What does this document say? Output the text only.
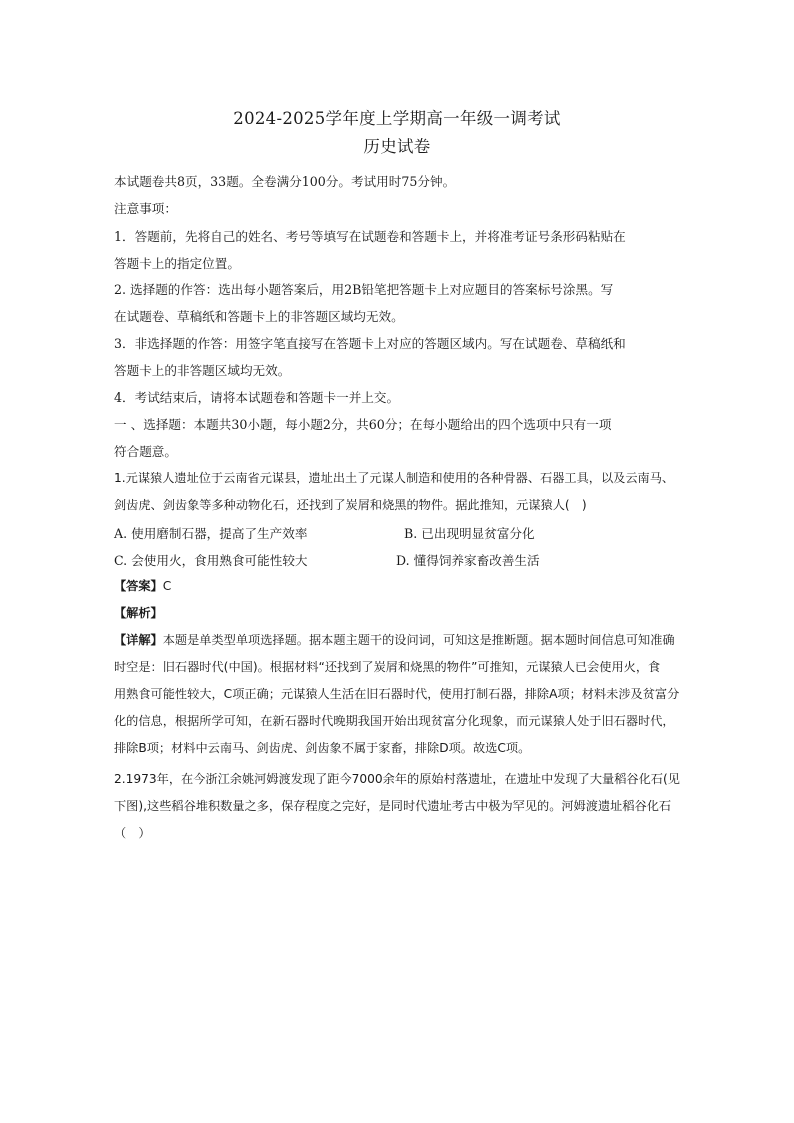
2024-2025学年度上学期高一年级一调考试
历史试卷
本试题卷共8页，33题。全卷满分100分。考试用时75分钟。
注意事项：
1．答题前，先将自己的姓名、考号等填写在试题卷和答题卡上，并将准考证号条形码粘贴在
答题卡上的指定位置。
2. 选择题的作答：选出每小题答案后，用2B铅笔把答题卡上对应题目的答案标号涂黑。写
在试题卷、草稿纸和答题卡上的非答题区域均无效。
3．非选择题的作答：用签字笔直接写在答题卡上对应的答题区域内。写在试题卷、草稿纸和
答题卡上的非答题区域均无效。
4．考试结束后，请将本试题卷和答题卡一并上交。
一 、选择题：本题共30小题，每小题2分，共60分；在每小题给出的四个选项中只有一项
符合题意。
1.元谋猿人遗址位于云南省元谋县，遗址出土了元谋人制造和使用的各种骨器、石器工具，以及云南马、
剑齿虎、剑齿象等多种动物化石，还找到了炭屑和烧黑的物件。据此推知，元谋猿人(　)
A. 使用磨制石器，提高了生产效率	B. 已出现明显贫富分化
C. 会使用火，食用熟食可能性较大	D. 懂得饲养家畜改善生活
【答案】C
【解析】
【详解】本题是单类型单项选择题。据本题主题干的设问词，可知这是推断题。据本题时间信息可知准确
时空是：旧石器时代(中国)。根据材料“还找到了炭屑和烧黑的物件”可推知，元谋猿人已会使用火，食
用熟食可能性较大，C项正确；元谋猿人生活在旧石器时代，使用打制石器，排除A项；材料未涉及贫富分
化的信息，根据所学可知，在新石器时代晚期我国开始出现贫富分化现象，而元谋猿人处于旧石器时代，
排除B项；材料中云南马、剑齿虎、剑齿象不属于家畜，排除D项。故选C项。
2.1973年，在今浙江余姚河姆渡发现了距今7000余年的原始村落遗址，在遗址中发现了大量稻谷化石(见
下图),这些稻谷堆积数量之多，保存程度之完好，是同时代遗址考古中极为罕见的。河姆渡遗址稻谷化石
（　）
